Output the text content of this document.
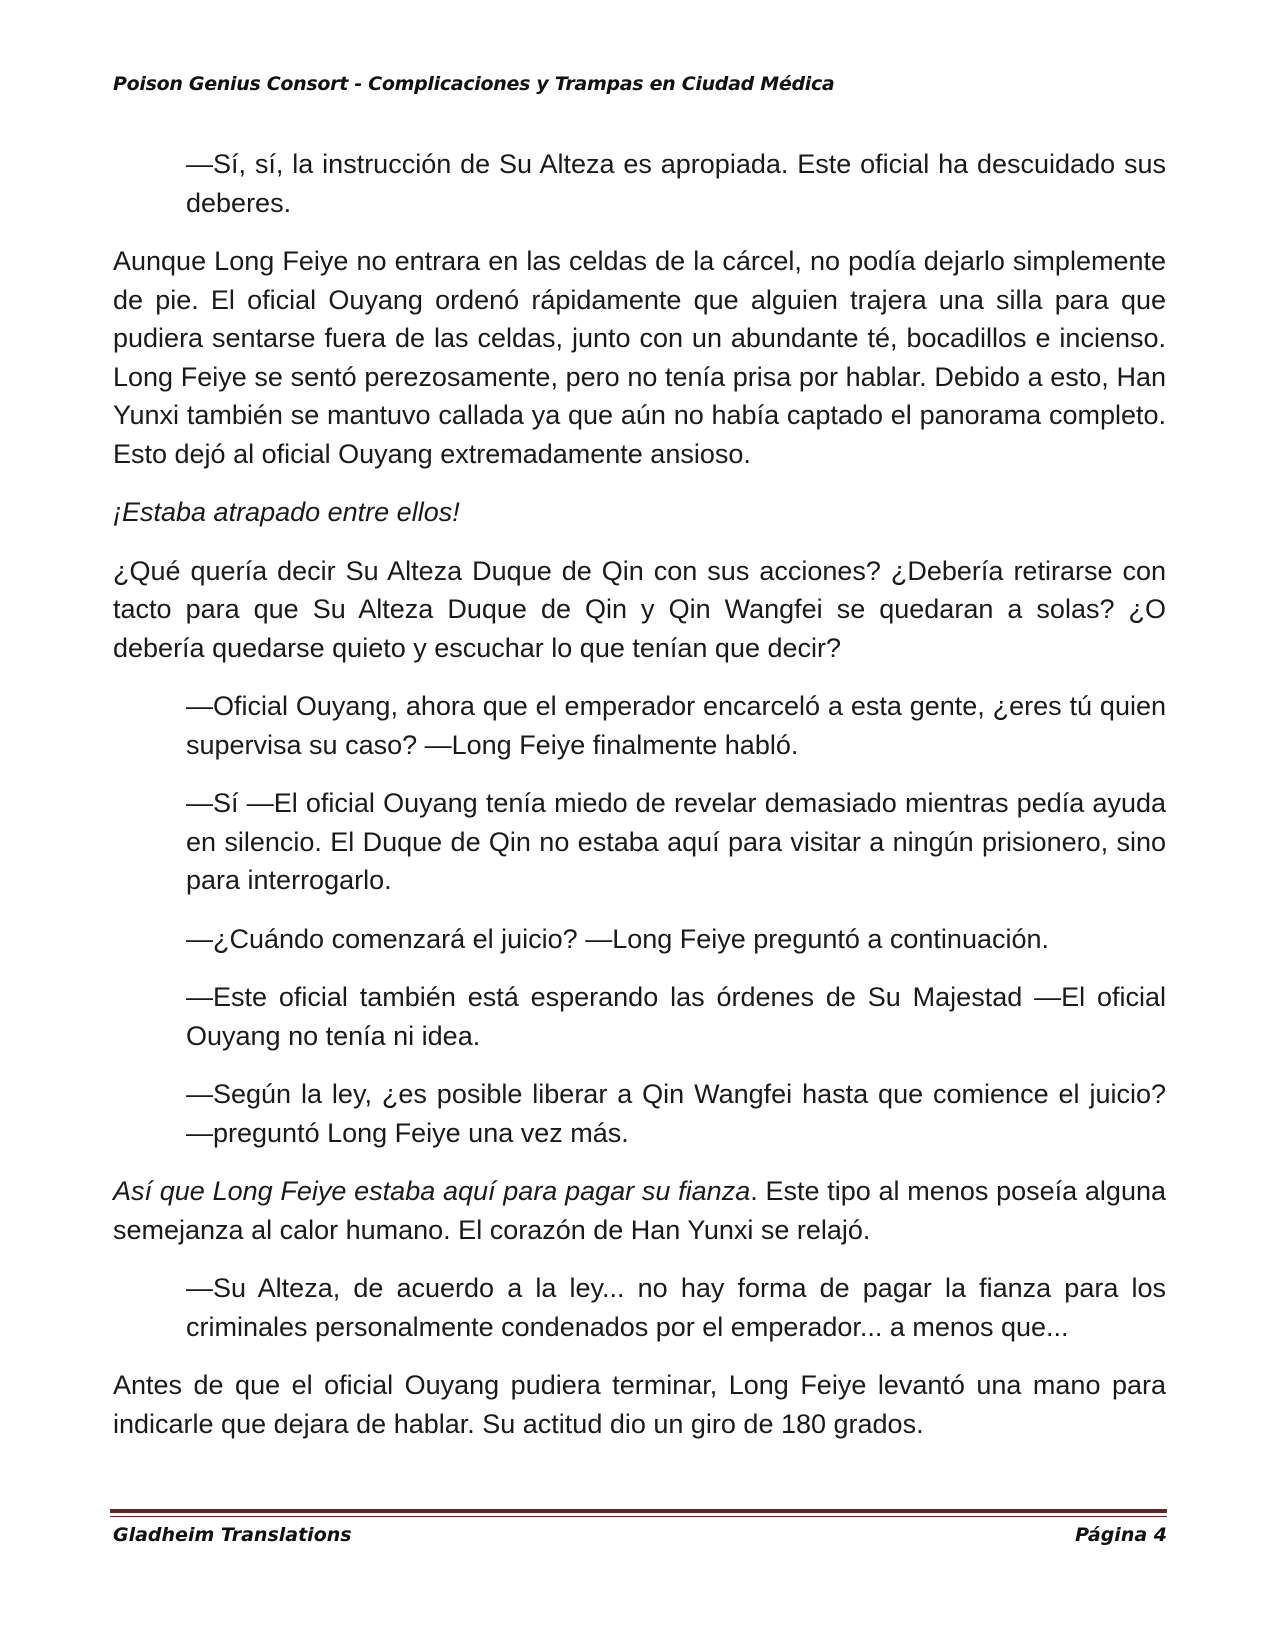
Poison Genius Consort - Complicaciones y Trampas en Ciudad Médica

—Sí, sí, la instrucción de Su Alteza es apropiada. Este oficial ha descuidado sus deberes.

Aunque Long Feiye no entrara en las celdas de la cárcel, no podía dejarlo simplemente de pie. El oficial Ouyang ordenó rápidamente que alguien trajera una silla para que pudiera sentarse fuera de las celdas, junto con un abundante té, bocadillos e incienso. Long Feiye se sentó perezosamente, pero no tenía prisa por hablar. Debido a esto, Han Yunxi también se mantuvo callada ya que aún no había captado el panorama completo. Esto dejó al oficial Ouyang extremadamente ansioso.

¡Estaba atrapado entre ellos!

¿Qué quería decir Su Alteza Duque de Qin con sus acciones? ¿Debería retirarse con tacto para que Su Alteza Duque de Qin y Qin Wangfei se quedaran a solas? ¿O debería quedarse quieto y escuchar lo que tenían que decir?

—Oficial Ouyang, ahora que el emperador encarceló a esta gente, ¿eres tú quien supervisa su caso? —Long Feiye finalmente habló.

—Sí —El oficial Ouyang tenía miedo de revelar demasiado mientras pedía ayuda en silencio. El Duque de Qin no estaba aquí para visitar a ningún prisionero, sino para interrogarlo.

—¿Cuándo comenzará el juicio? —Long Feiye preguntó a continuación.

—Este oficial también está esperando las órdenes de Su Majestad —El oficial Ouyang no tenía ni idea.

—Según la ley, ¿es posible liberar a Qin Wangfei hasta que comience el juicio? —preguntó Long Feiye una vez más.

Así que Long Feiye estaba aquí para pagar su fianza. Este tipo al menos poseía alguna semejanza al calor humano. El corazón de Han Yunxi se relajó.

—Su Alteza, de acuerdo a la ley... no hay forma de pagar la fianza para los criminales personalmente condenados por el emperador... a menos que...

Antes de que el oficial Ouyang pudiera terminar, Long Feiye levantó una mano para indicarle que dejara de hablar. Su actitud dio un giro de 180 grados.

Gladheim Translations	Página 4
